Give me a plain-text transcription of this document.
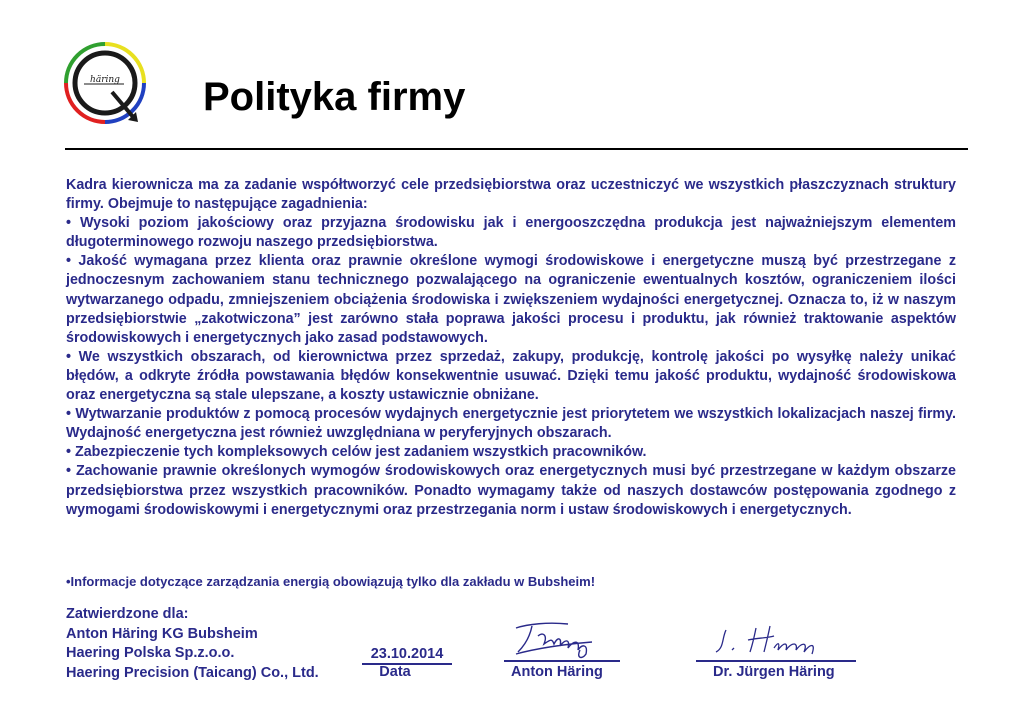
häring Polityka firmy

Kadra kierownicza ma za zadanie współtworzyć cele przedsiębiorstwa oraz uczestniczyć we wszystkich płaszczyznach struktury firmy. Obejmuje to następujące zagadnienia:

• Wysoki poziom jakościowy oraz przyjazna środowisku jak i energooszczędna produkcja jest najważniejszym elementem długoterminowego rozwoju naszego przedsiębiorstwa.

• Jakość wymagana przez klienta oraz prawnie określone wymogi środowiskowe i energetyczne muszą być przestrzegane z jednoczesnym zachowaniem stanu technicznego pozwalającego na ograniczenie ewentualnych kosztów, ograniczeniem ilości wytwarzanego odpadu, zmniejszeniem obciążenia środowiska i zwiększeniem wydajności energetycznej. Oznacza to, iż w naszym przedsiębiorstwie „zakotwiczona” jest zarówno stała poprawa jakości procesu i produktu, jak również traktowanie aspektów środowiskowych i energetycznych jako zasad podstawowych.

• We wszystkich obszarach, od kierownictwa przez sprzedaż, zakupy, produkcję, kontrolę jakości po wysyłkę należy unikać błędów, a odkryte źródła powstawania błędów konsekwentnie usuwać. Dzięki temu jakość produktu, wydajność środowiskowa oraz energetyczna są stale ulepszane, a koszty ustawicznie obniżane.

• Wytwarzanie produktów z pomocą procesów wydajnych energetycznie jest priorytetem we wszystkich lokalizacjach naszej firmy. Wydajność energetyczna jest również uwzględniana w peryferyjnych obszarach.

• Zabezpieczenie tych kompleksowych celów jest zadaniem wszystkich pracowników.

• Zachowanie prawnie określonych wymogów środowiskowych oraz energetycznych musi być przestrzegane w każdym obszarze przedsiębiorstwa przez wszystkich pracowników. Ponadto wymagamy także od naszych dostawców postępowania zgodnego z wymogami środowiskowymi i energetycznymi oraz przestrzegania norm i ustaw środowiskowych i energetycznych.

•Informacje dotyczące zarządzania energią obowiązują tylko dla zakładu w Bubsheim!
Zatwierdzone dla:
Anton Häring KG Bubsheim
Haering Polska Sp.z.o.o.
Haering Precision (Taicang) Co., Ltd.
23.10.2014
Data	Anton Häring	Dr. Jürgen Häring
